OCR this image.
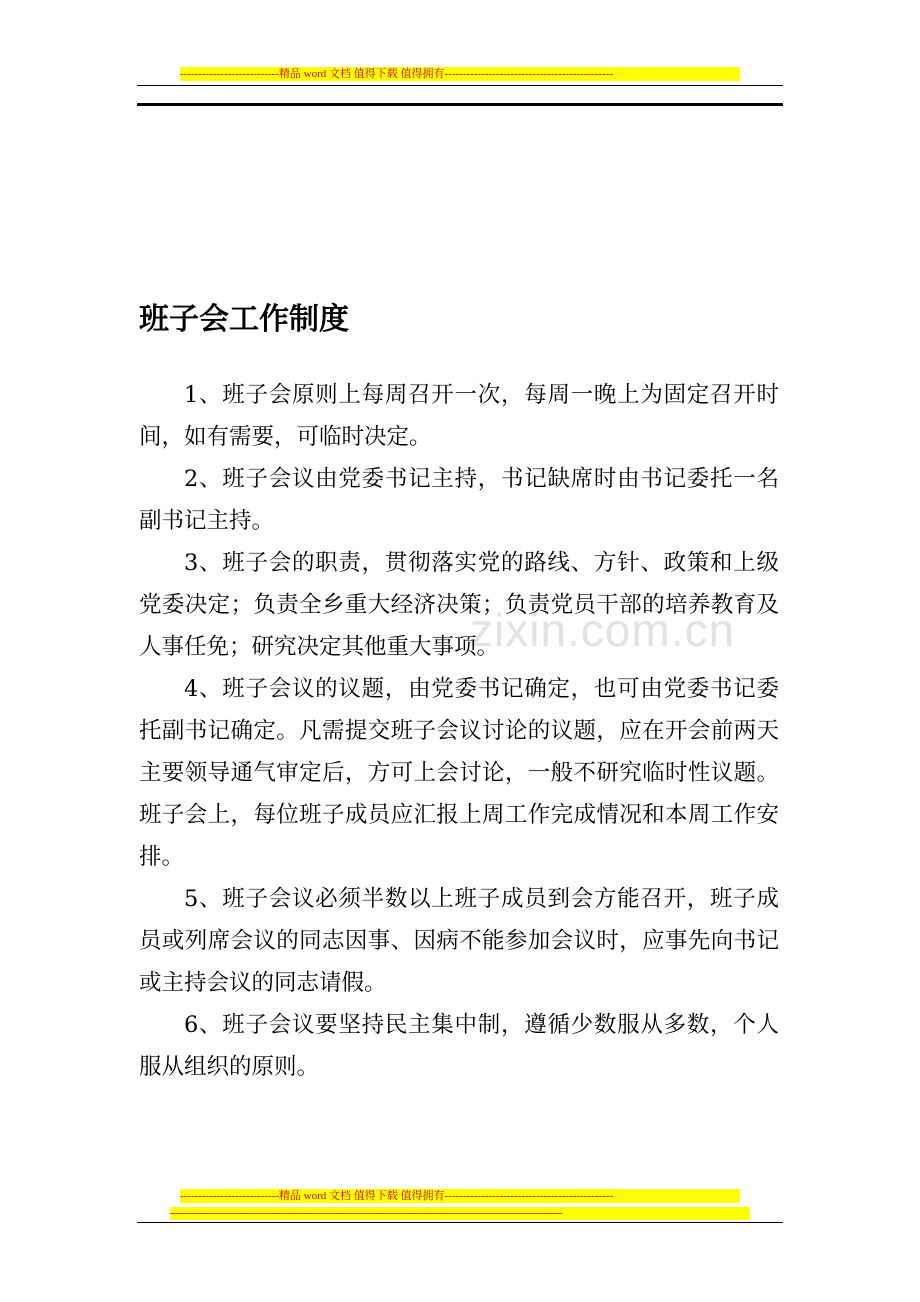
---------------------------精品 word 文档 值得下载 值得拥有----------------------------------------------
zixin.com.cn
班子会工作制度

1、班子会原则上每周召开一次，每周一晚上为固定召开时间，如有需要，可临时决定。

2、班子会议由党委书记主持，书记缺席时由书记委托一名副书记主持。

3、班子会的职责，贯彻落实党的路线、方针、政策和上级党委决定；负责全乡重大经济决策；负责党员干部的培养教育及人事任免；研究决定其他重大事项。

4、班子会议的议题，由党委书记确定，也可由党委书记委托副书记确定。凡需提交班子会议讨论的议题，应在开会前两天主要领导通气审定后，方可上会讨论，一般不研究临时性议题。班子会上，每位班子成员应汇报上周工作完成情况和本周工作安排。

5、班子会议必须半数以上班子成员到会方能召开，班子成员或列席会议的同志因事、因病不能参加会议时，应事先向书记或主持会议的同志请假。

6、班子会议要坚持民主集中制，遵循少数服从多数，个人服从组织的原则。

---------------------------精品 word 文档 值得下载 值得拥有----------------------------------------------
----------------------------------------------------------------------------------------------------------------------------
